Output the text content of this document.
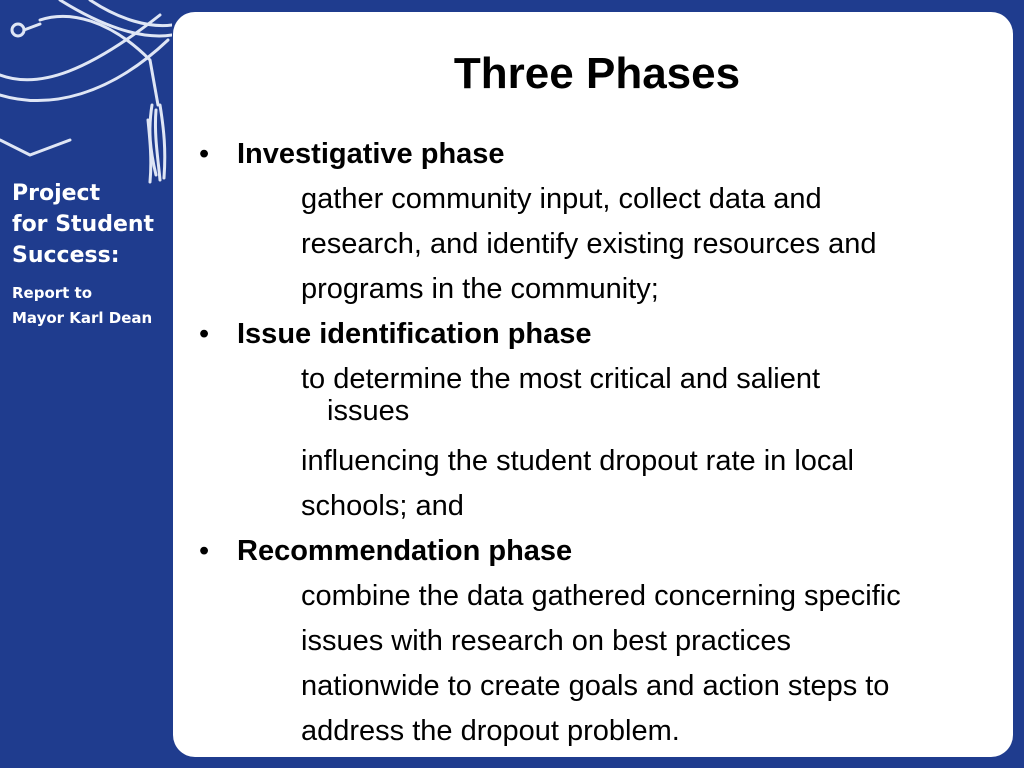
Project
for Student
Success:
Report to
Mayor Karl Dean
Three Phases
• Investigative phase
gather community input, collect data and
research, and identify existing resources and
programs in the community;
• Issue identification phase
to determine the most critical and salient
issues
influencing the student dropout rate in local
schools; and
• Recommendation phase
combine the data gathered concerning specific
issues with research on best practices
nationwide to create goals and action steps to
address the dropout problem.
